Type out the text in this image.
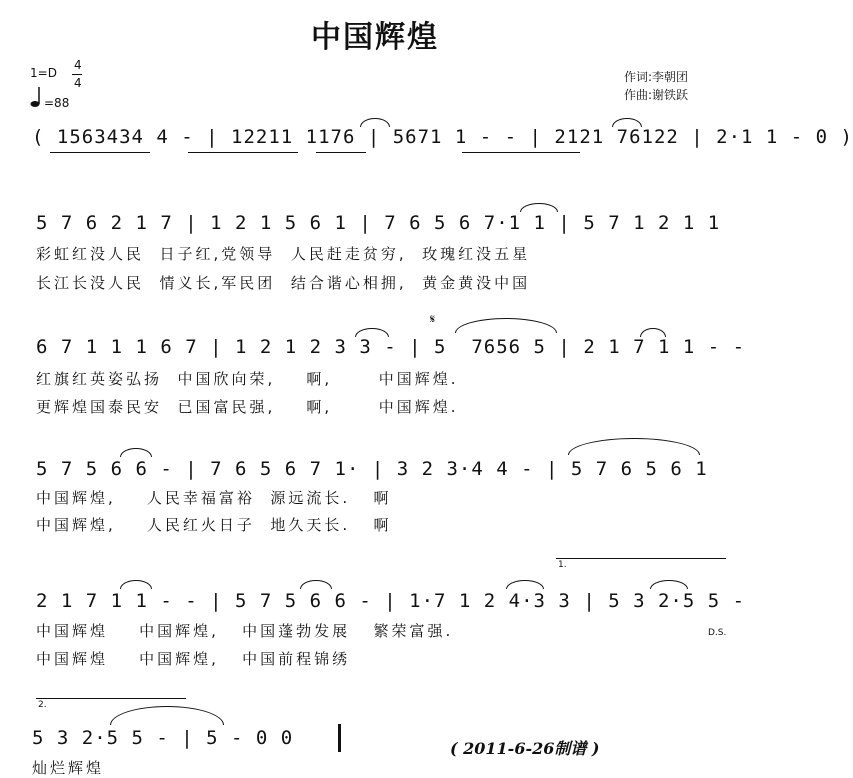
中国辉煌
1=D
4
4
=88
作词:李朝团
作曲:谢铁跃
( 1563434 4 - | 12211 1176 | 5671 1 - - | 2121 76122 | 2·1 1 - 0 )
5 7 6 2 1 7 | 1 2 1 5 6 1 | 7 6 5 6 7·1 1 | 5 7 1 2 1 1
彩虹红没人民  日子红,党领导  人民赶走贫穷,  玫瑰红没五星
长江长没人民  情义长,军民团  结合谐心相拥,  黄金黄没中国
𝄋
6 7 1 1 1 6 7 | 1 2 1 2 3 3 - | 5  7656 5 | 2 1 7 1 1 - -
红旗红英姿弘扬  中国欣向荣,    啊,      中国辉煌.
更辉煌国泰民安  已国富民强,    啊,      中国辉煌.
5 7 5 6 6 - | 7 6 5 6 7 1· | 3 2 3·4 4 - | 5 7 6 5 6 1
中国辉煌,    人民幸福富裕  源远流长.   啊
中国辉煌,    人民红火日子  地久天长.   啊
1.
2 1 7 1 1 - - | 5 7 5 6 6 - | 1·7 1 2 4·3 3 | 5 3 2·5 5 -
中国辉煌    中国辉煌,   中国蓬勃发展   繁荣富强.
中国辉煌    中国辉煌,   中国前程锦绣
D.S.
2.
5 3 2·5 5 - | 5 - 0 0
灿烂辉煌
( 2011-6-26制谱 )
